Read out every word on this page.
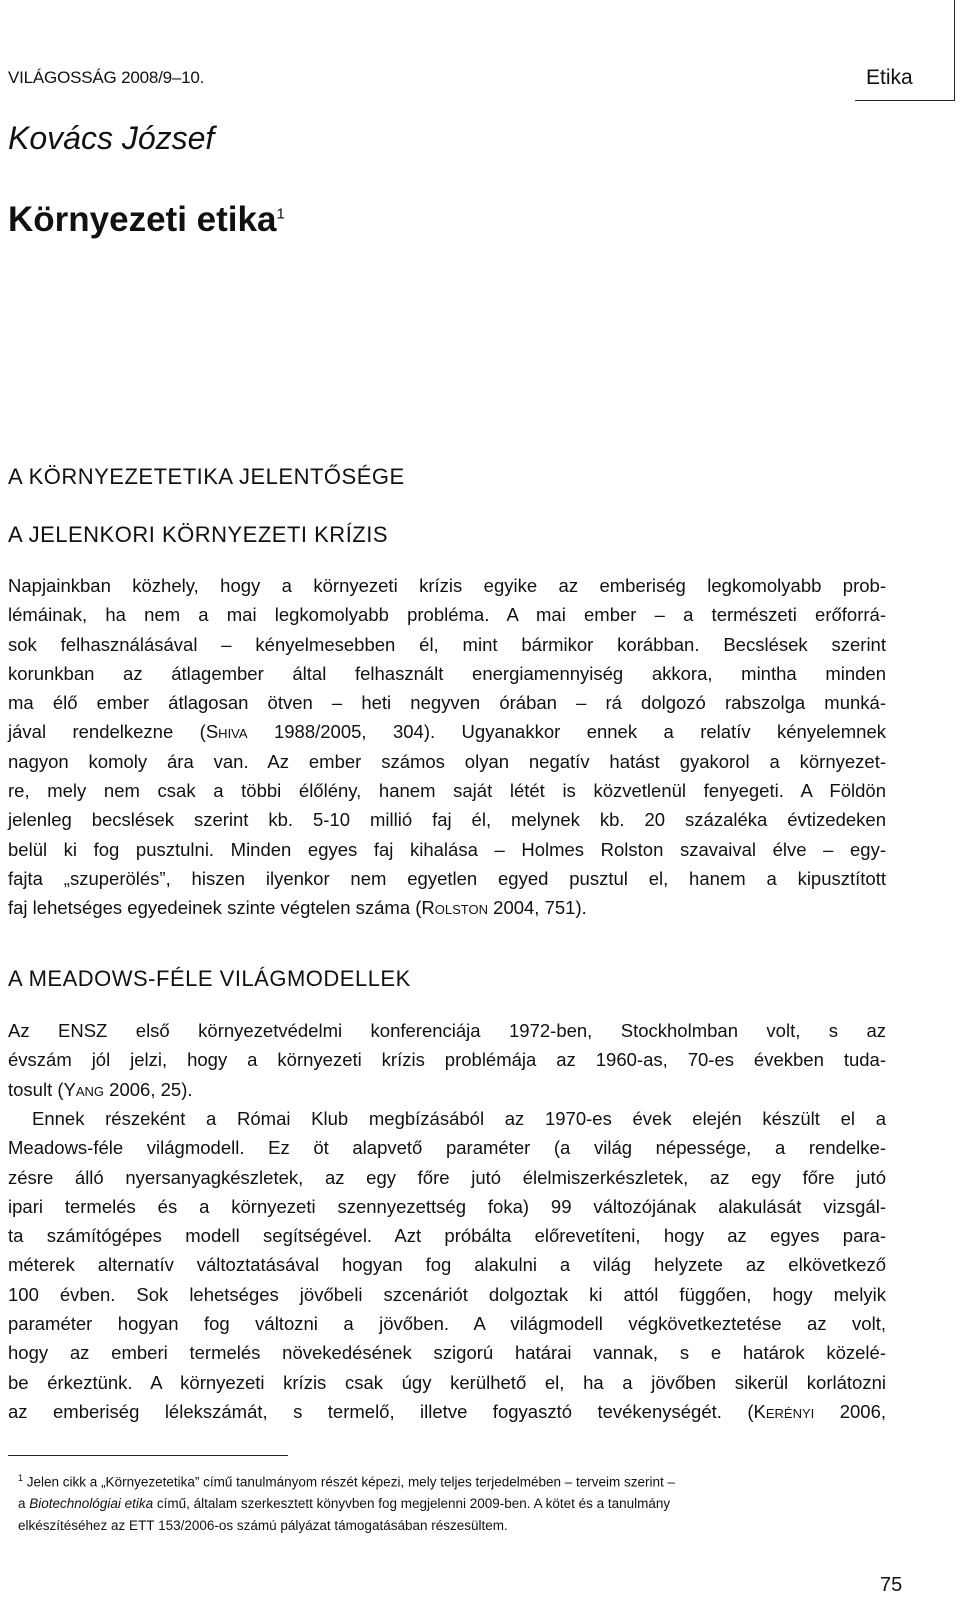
VILÁGOSSÁG 2008/9–10.	Etika
Kovács József
Környezeti etika$^1$
A KÖRNYEZETETIKA JELENTŐSÉGE
A JELENKORI KÖRNYEZETI KRÍZIS
Napjainkban közhely, hogy a környezeti krízis egyike az emberiség legkomolyabb prob-
lémáinak, ha nem a mai legkomolyabb probléma. A mai ember – a természeti erőforrá-
sok felhasználásával – kényelmesebben él, mint bármikor korábban. Becslések szerint
korunkban az átlagember által felhasznált energiamennyiség akkora, mintha minden
ma élő ember átlagosan ötven – heti negyven órában – rá dolgozó rabszolga munká-
jával rendelkezne (Shiva 1988/2005, 304). Ugyanakkor ennek a relatív kényelemnek
nagyon komoly ára van. Az ember számos olyan negatív hatást gyakorol a környezet-
re, mely nem csak a többi élőlény, hanem saját létét is közvetlenül fenyegeti. A Földön
jelenleg becslések szerint kb. 5-10 millió faj él, melynek kb. 20 százaléka évtizedeken
belül ki fog pusztulni. Minden egyes faj kihalása – Holmes Rolston szavaival élve – egy-
fajta „szuperölés”, hiszen ilyenkor nem egyetlen egyed pusztul el, hanem a kipusztított
faj lehetséges egyedeinek szinte végtelen száma (Rolston 2004, 751).
A MEADOWS-FÉLE VILÁGMODELLEK
Az ENSZ első környezetvédelmi konferenciája 1972-ben, Stockholmban volt, s az
évszám jól jelzi, hogy a környezeti krízis problémája az 1960-as, 70-es években tuda-
tosult (Yang 2006, 25).
Ennek részeként a Római Klub megbízásából az 1970-es évek elején készült el a
Meadows-féle világmodell. Ez öt alapvető paraméter (a világ népessége, a rendelke-
zésre álló nyersanyagkészletek, az egy főre jutó élelmiszerkészletek, az egy főre jutó
ipari termelés és a környezeti szennyezettség foka) 99 változójának alakulását vizsgál-
ta számítógépes modell segítségével. Azt próbálta előrevetíteni, hogy az egyes para-
méterek alternatív változtatásával hogyan fog alakulni a világ helyzete az elkövetkező
100 évben. Sok lehetséges jövőbeli szcenáriót dolgoztak ki attól függően, hogy melyik
paraméter hogyan fog változni a jövőben. A világmodell végkövetkeztetése az volt,
hogy az emberi termelés növekedésének szigorú határai vannak, s e határok közelé-
be érkeztünk. A környezeti krízis csak úgy kerülhető el, ha a jövőben sikerül korlátozni
az emberiség lélekszámát, s termelő, illetve fogyasztó tevékenységét. (Kerényi 2006,
$^1$ Jelen cikk a „Környezetetika” című tanulmányom részét képezi, mely teljes terjedelmében – terveim szerint –
a Biotechnológiai etika című, általam szerkesztett könyvben fog megjelenni 2009-ben. A kötet és a tanulmány
elkészítéséhez az ETT 153/2006-os számú pályázat támogatásában részesültem.
75
